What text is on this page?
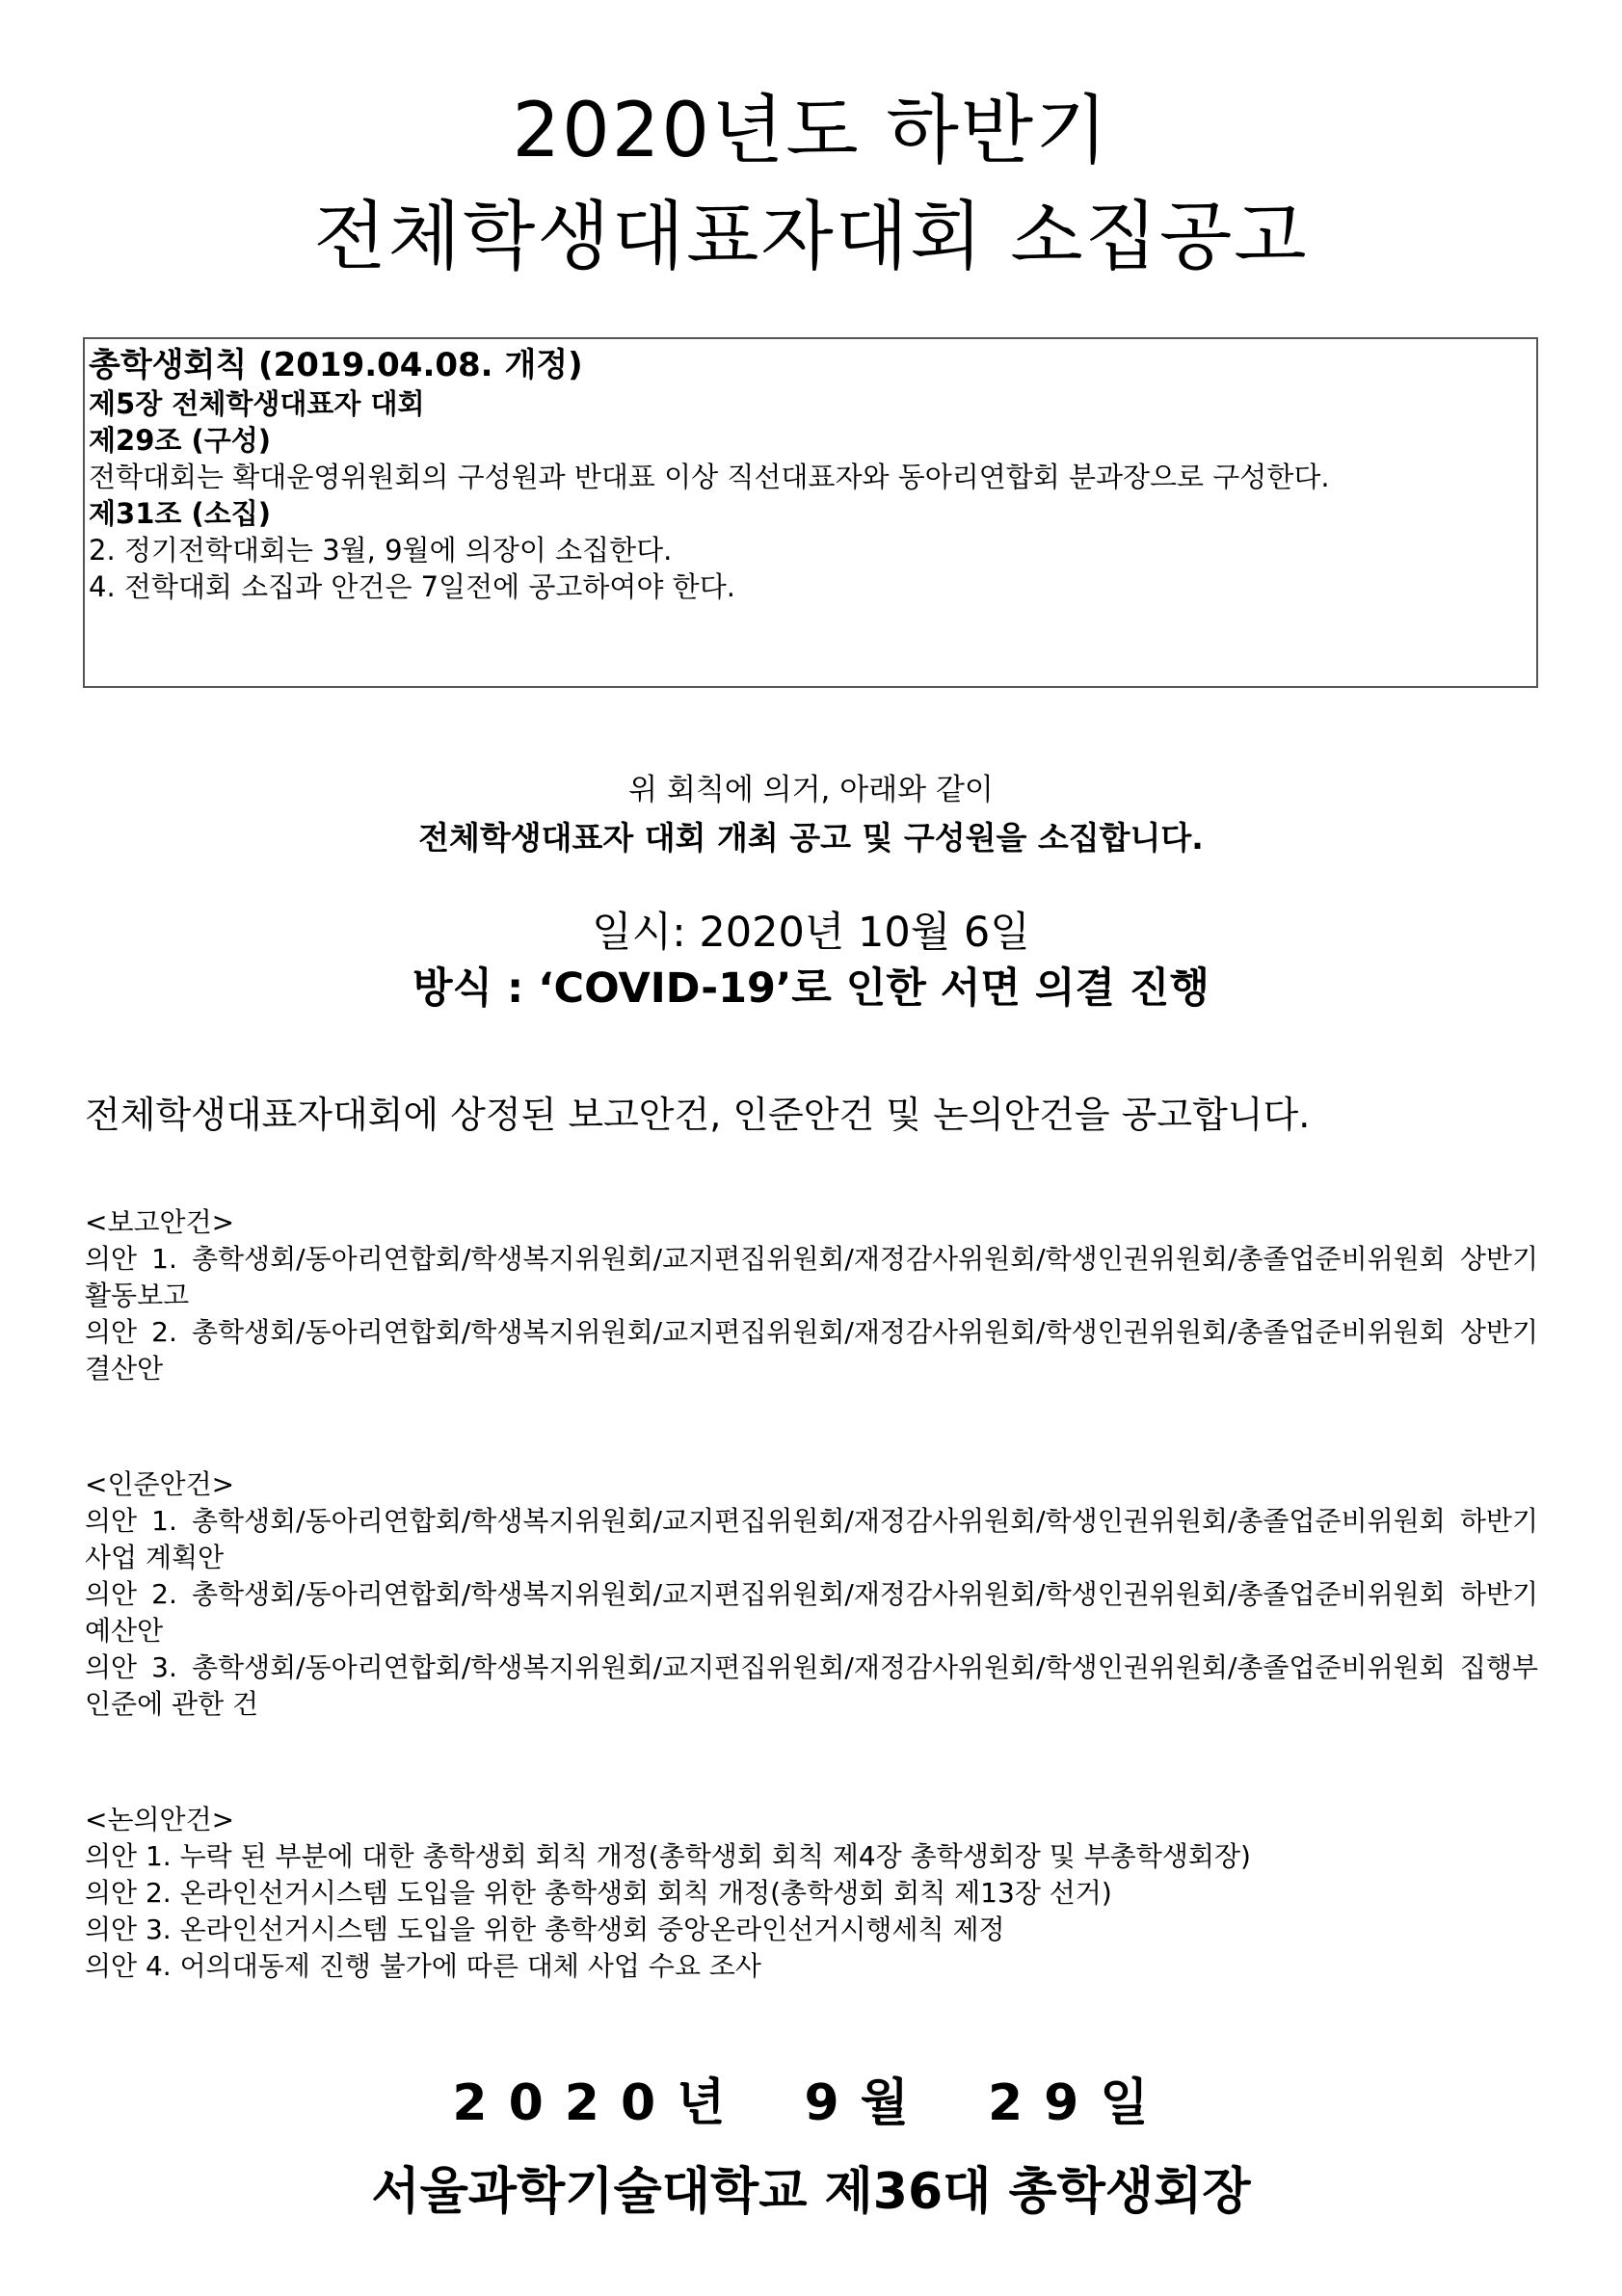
2020년도 하반기
전체학생대표자대회 소집공고
총학생회칙 (2019.04.08. 개정)
제5장 전체학생대표자 대회
제29조 (구성)
전학대회는 확대운영위원회의 구성원과 반대표 이상 직선대표자와 동아리연합회 분과장으로 구성한다.
제31조 (소집)
2. 정기전학대회는 3월, 9월에 의장이 소집한다.
4. 전학대회 소집과 안건은 7일전에 공고하여야 한다.
위 회칙에 의거, 아래와 같이
전체학생대표자 대회 개최 공고 및 구성원을 소집합니다.
일시: 2020년 10월 6일
방식 : ‘COVID-19’로 인한 서면 의결 진행
전체학생대표자대회에 상정된 보고안건, 인준안건 및 논의안건을 공고합니다.
<보고안건>
의안 1. 총학생회/동아리연합회/학생복지위원회/교지편집위원회/재정감사위원회/학생인권위원회/총졸업준비위원회 상반기 활동보고
의안 2. 총학생회/동아리연합회/학생복지위원회/교지편집위원회/재정감사위원회/학생인권위원회/총졸업준비위원회 상반기 결산안
<인준안건>
의안 1. 총학생회/동아리연합회/학생복지위원회/교지편집위원회/재정감사위원회/학생인권위원회/총졸업준비위원회 하반기 사업 계획안
의안 2. 총학생회/동아리연합회/학생복지위원회/교지편집위원회/재정감사위원회/학생인권위원회/총졸업준비위원회 하반기 예산안
의안 3. 총학생회/동아리연합회/학생복지위원회/교지편집위원회/재정감사위원회/학생인권위원회/총졸업준비위원회 집행부 인준에 관한 건
<논의안건>
의안 1. 누락 된 부분에 대한 총학생회 회칙 개정(총학생회 회칙 제4장 총학생회장 및 부총학생회장)
의안 2. 온라인선거시스템 도입을 위한 총학생회 회칙 개정(총학생회 회칙 제13장 선거)
의안 3. 온라인선거시스템 도입을 위한 총학생회 중앙온라인선거시행세칙 제정
의안 4. 어의대동제 진행 불가에 따른 대체 사업 수요 조사
2020년 9월 29일
서울과학기술대학교 제36대 총학생회장
